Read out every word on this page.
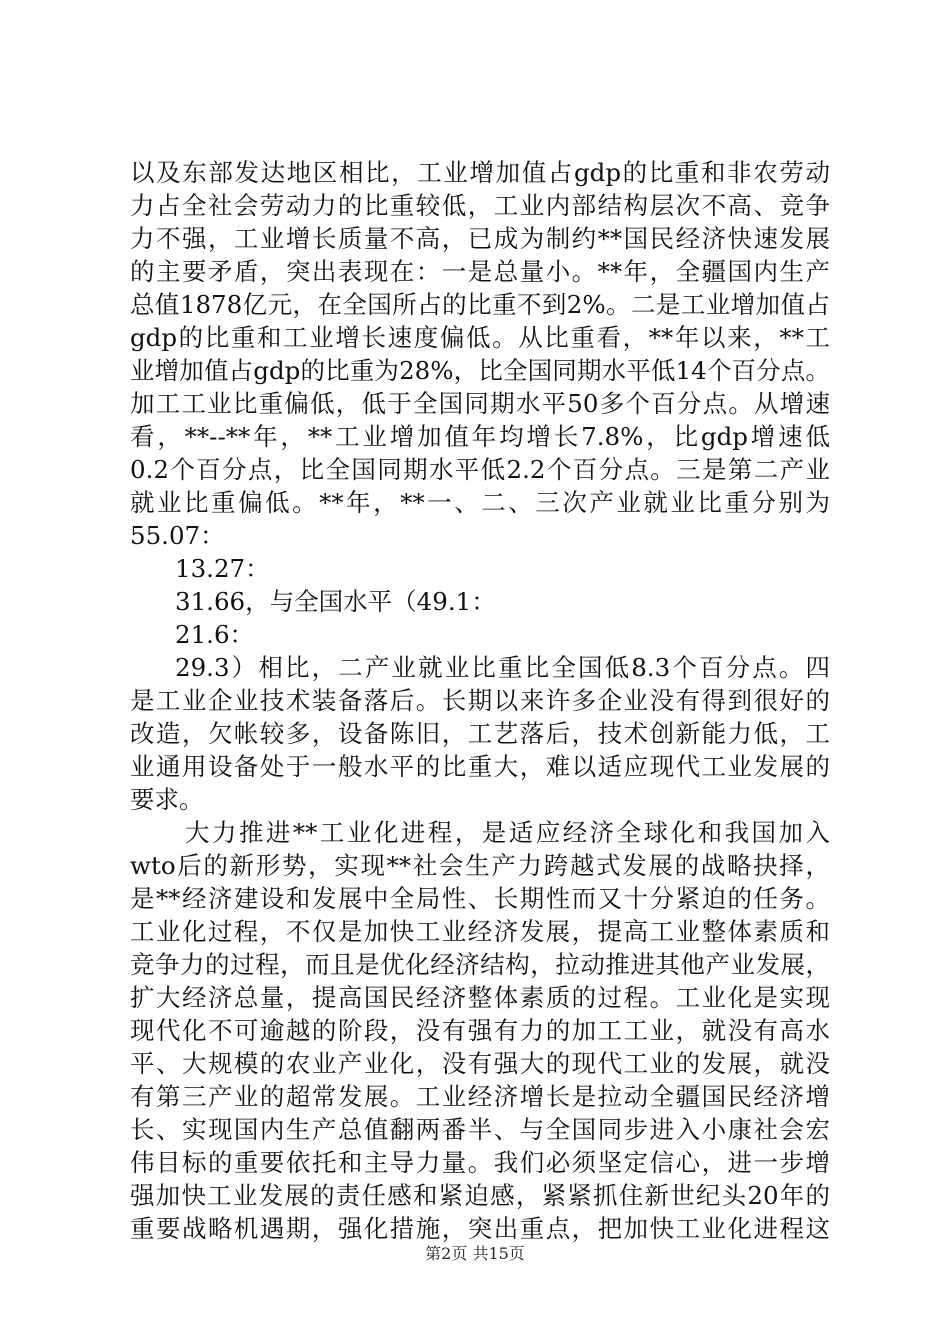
以及东部发达地区相比，工业增加值占gdp的比重和非农劳动
力占全社会劳动力的比重较低，工业内部结构层次不高、竞争
力不强，工业增长质量不高，已成为制约**国民经济快速发展
的主要矛盾，突出表现在：一是总量小。**年，全疆国内生产
总值1878亿元，在全国所占的比重不到2%。二是工业增加值占
gdp的比重和工业增长速度偏低。从比重看，**年以来，**工
业增加值占gdp的比重为28%，比全国同期水平低14个百分点。
加工工业比重偏低，低于全国同期水平50多个百分点。从增速
看，**--**年，**工业增加值年均增长7.8%，比gdp增速低
0.2个百分点，比全国同期水平低2.2个百分点。三是第二产业
就业比重偏低。**年，**一、二、三次产业就业比重分别为
55.07：
13.27：
31.66，与全国水平（49.1：
21.6：
29.3）相比，二产业就业比重比全国低8.3个百分点。四
是工业企业技术装备落后。长期以来许多企业没有得到很好的
改造，欠帐较多，设备陈旧，工艺落后，技术创新能力低，工
业通用设备处于一般水平的比重大，难以适应现代工业发展的
要求。
大力推进**工业化进程，是适应经济全球化和我国加入
wto后的新形势，实现**社会生产力跨越式发展的战略抉择，
是**经济建设和发展中全局性、长期性而又十分紧迫的任务。
工业化过程，不仅是加快工业经济发展，提高工业整体素质和
竞争力的过程，而且是优化经济结构，拉动推进其他产业发展，
扩大经济总量，提高国民经济整体素质的过程。工业化是实现
现代化不可逾越的阶段，没有强有力的加工工业，就没有高水
平、大规模的农业产业化，没有强大的现代工业的发展，就没
有第三产业的超常发展。工业经济增长是拉动全疆国民经济增
长、实现国内生产总值翻两番半、与全国同步进入小康社会宏
伟目标的重要依托和主导力量。我们必须坚定信心，进一步增
强加快工业发展的责任感和紧迫感，紧紧抓住新世纪头20年的
重要战略机遇期，强化措施，突出重点，把加快工业化进程这
第2页 共15页
